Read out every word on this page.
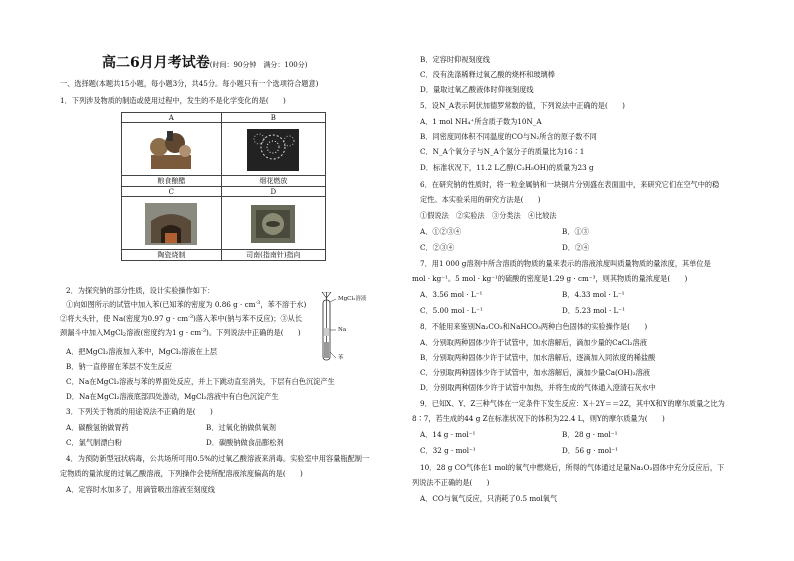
高二6月月考试卷(时间：90分钟　满分：100分)
一、选择题(本题共15小题，每小题3分，共45分。每小题只有一个选项符合题意)
1．下列涉及物质的制造或使用过程中，发生的不是化学变化的是(　　)
A	B

粮食酿醋	烟花燃放
C	D

陶瓷烧制	司南(指南针)指向
2．为探究钠的部分性质，设计实验操作如下：
①向如图所示的试管中加入苯(已知苯的密度为 0.86 $g \cdot cm^{-3}$，苯不溶于水)
②将大头针，使 Na(密度为0.97 $g \cdot cm^{-3}$)落入苯中(钠与苯不反应)；③从长
颈漏斗中加入MgCl$_2$溶液(密度约为1 $g \cdot cm^{-3}$)。下列说法中正确的是(　　)
MgCl₂溶液
Na
苯
A．把MgCl₂溶液加入苯中，MgCl₂溶液在上层
B．钠一直停留在苯层不发生反应
C．Na在MgCl₂溶液与苯的界面处反应，并上下跳动直至消失，下层有白色沉淀产生
D．Na在MgCl₂溶液底部四处游动，MgCl₂溶液中有白色沉淀产生
3．下列关于物质的用途说法不正确的是(　　)
A．碳酸氢钠做胃药	B．过氧化钠做供氧剂
C．氯气制漂白粉	D．碳酸钠做食品膨松剂
4．为预防新型冠状病毒，公共场所可用0.5%的过氧乙酸溶液来消毒。实验室中用容量瓶配制一
定物质的量浓度的过氧乙酸溶液，下列操作会使所配溶液浓度偏高的是(　　)
A．定容时水加多了，用滴管吸出溶液至刻度线
B．定容时仰视刻度线
C．没有洗涤稀释过氧乙酸的烧杯和玻璃棒
D．量取过氧乙酸液体时仰视刻度线
5．设N_A表示阿伏加德罗常数的值，下列说法中正确的是(　　)
A．1 mol NH₄⁺所含质子数为10N_A
B．同密度同体积不同温度的CO与N₂所含的原子数不同
C．N_A个氧分子与N_A个氢分子的质量比为16∶1
D．标准状况下，11.2 L乙醇(C₂H₅OH)的质量为23 g
6．在研究钠的性质时，将一粒金属钠和一块铜片分别盛在表面皿中，来研究它们在空气中的稳
定性。本实验采用的研究方法是(　　)
①假说法　②实验法　③分类法　④比较法
A．①②③④	B．①③
C．②③④	D．②④
7．用1 000 g溶剂中所含溶质的物质的量来表示的溶液浓度叫质量物质的量浓度，其单位是
mol · kg⁻¹。5 mol · kg⁻¹的硫酸的密度是1.29 g · cm⁻³，则其物质的量浓度是(　　)
A．3.56 mol · L⁻¹	B．4.33 mol · L⁻¹
C．5.00 mol · L⁻¹	D．5.23 mol · L⁻¹
8．不能用来鉴别Na₂CO₃和NaHCO₃两种白色固体的实验操作是(　　)
A．分别取两种固体少许于试管中，加水溶解后，滴加少量的CaCl₂溶液
B．分别取两种固体少许于试管中，加水溶解后，逐滴加入同浓度的稀盐酸
C．分别取两种固体少许于试管中，加水溶解后，滴加少量Ca(OH)₂溶液
D．分别取两种固体少许于试管中加热，并将生成的气体通入澄清石灰水中
9．已知X、Y、Z三种气体在一定条件下发生反应：X＋2Y＝＝2Z，其中X和Y的摩尔质量之比为
8∶7，若生成的44 g Z在标准状况下的体积为22.4 L，则Y的摩尔质量为(　　)
A．14 g · mol⁻¹	B．28 g · mol⁻¹
C．32 g · mol⁻¹	D．56 g · mol⁻¹
10．28 g CO气体在1 mol的氧气中燃烧后，所得的气体通过足量Na₂O₂固体中充分反应后，下
列说法不正确的是(　　)
A．CO与氧气反应，只消耗了0.5 mol氧气
